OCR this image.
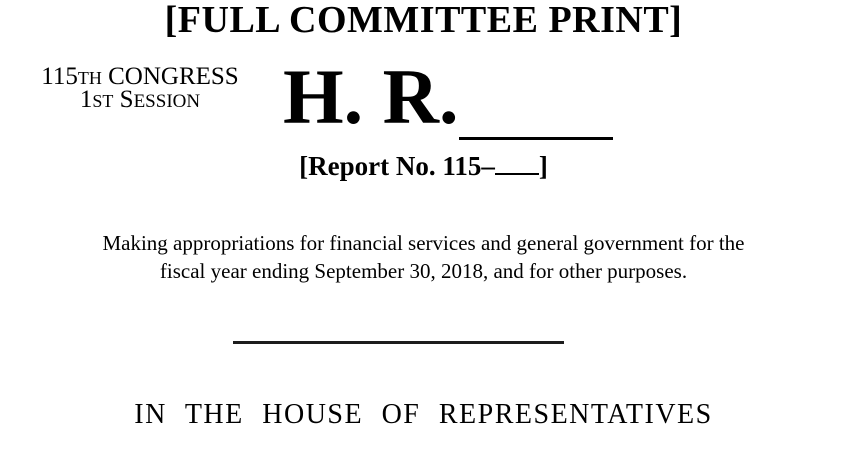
[FULL COMMITTEE PRINT]
115TH CONGRESS
1ST SESSION	H. R.
[Report No. 115– ]
Making appropriations for financial services and general government for the
fiscal year ending September 30, 2018, and for other purposes.
IN THE HOUSE OF REPRESENTATIVES
